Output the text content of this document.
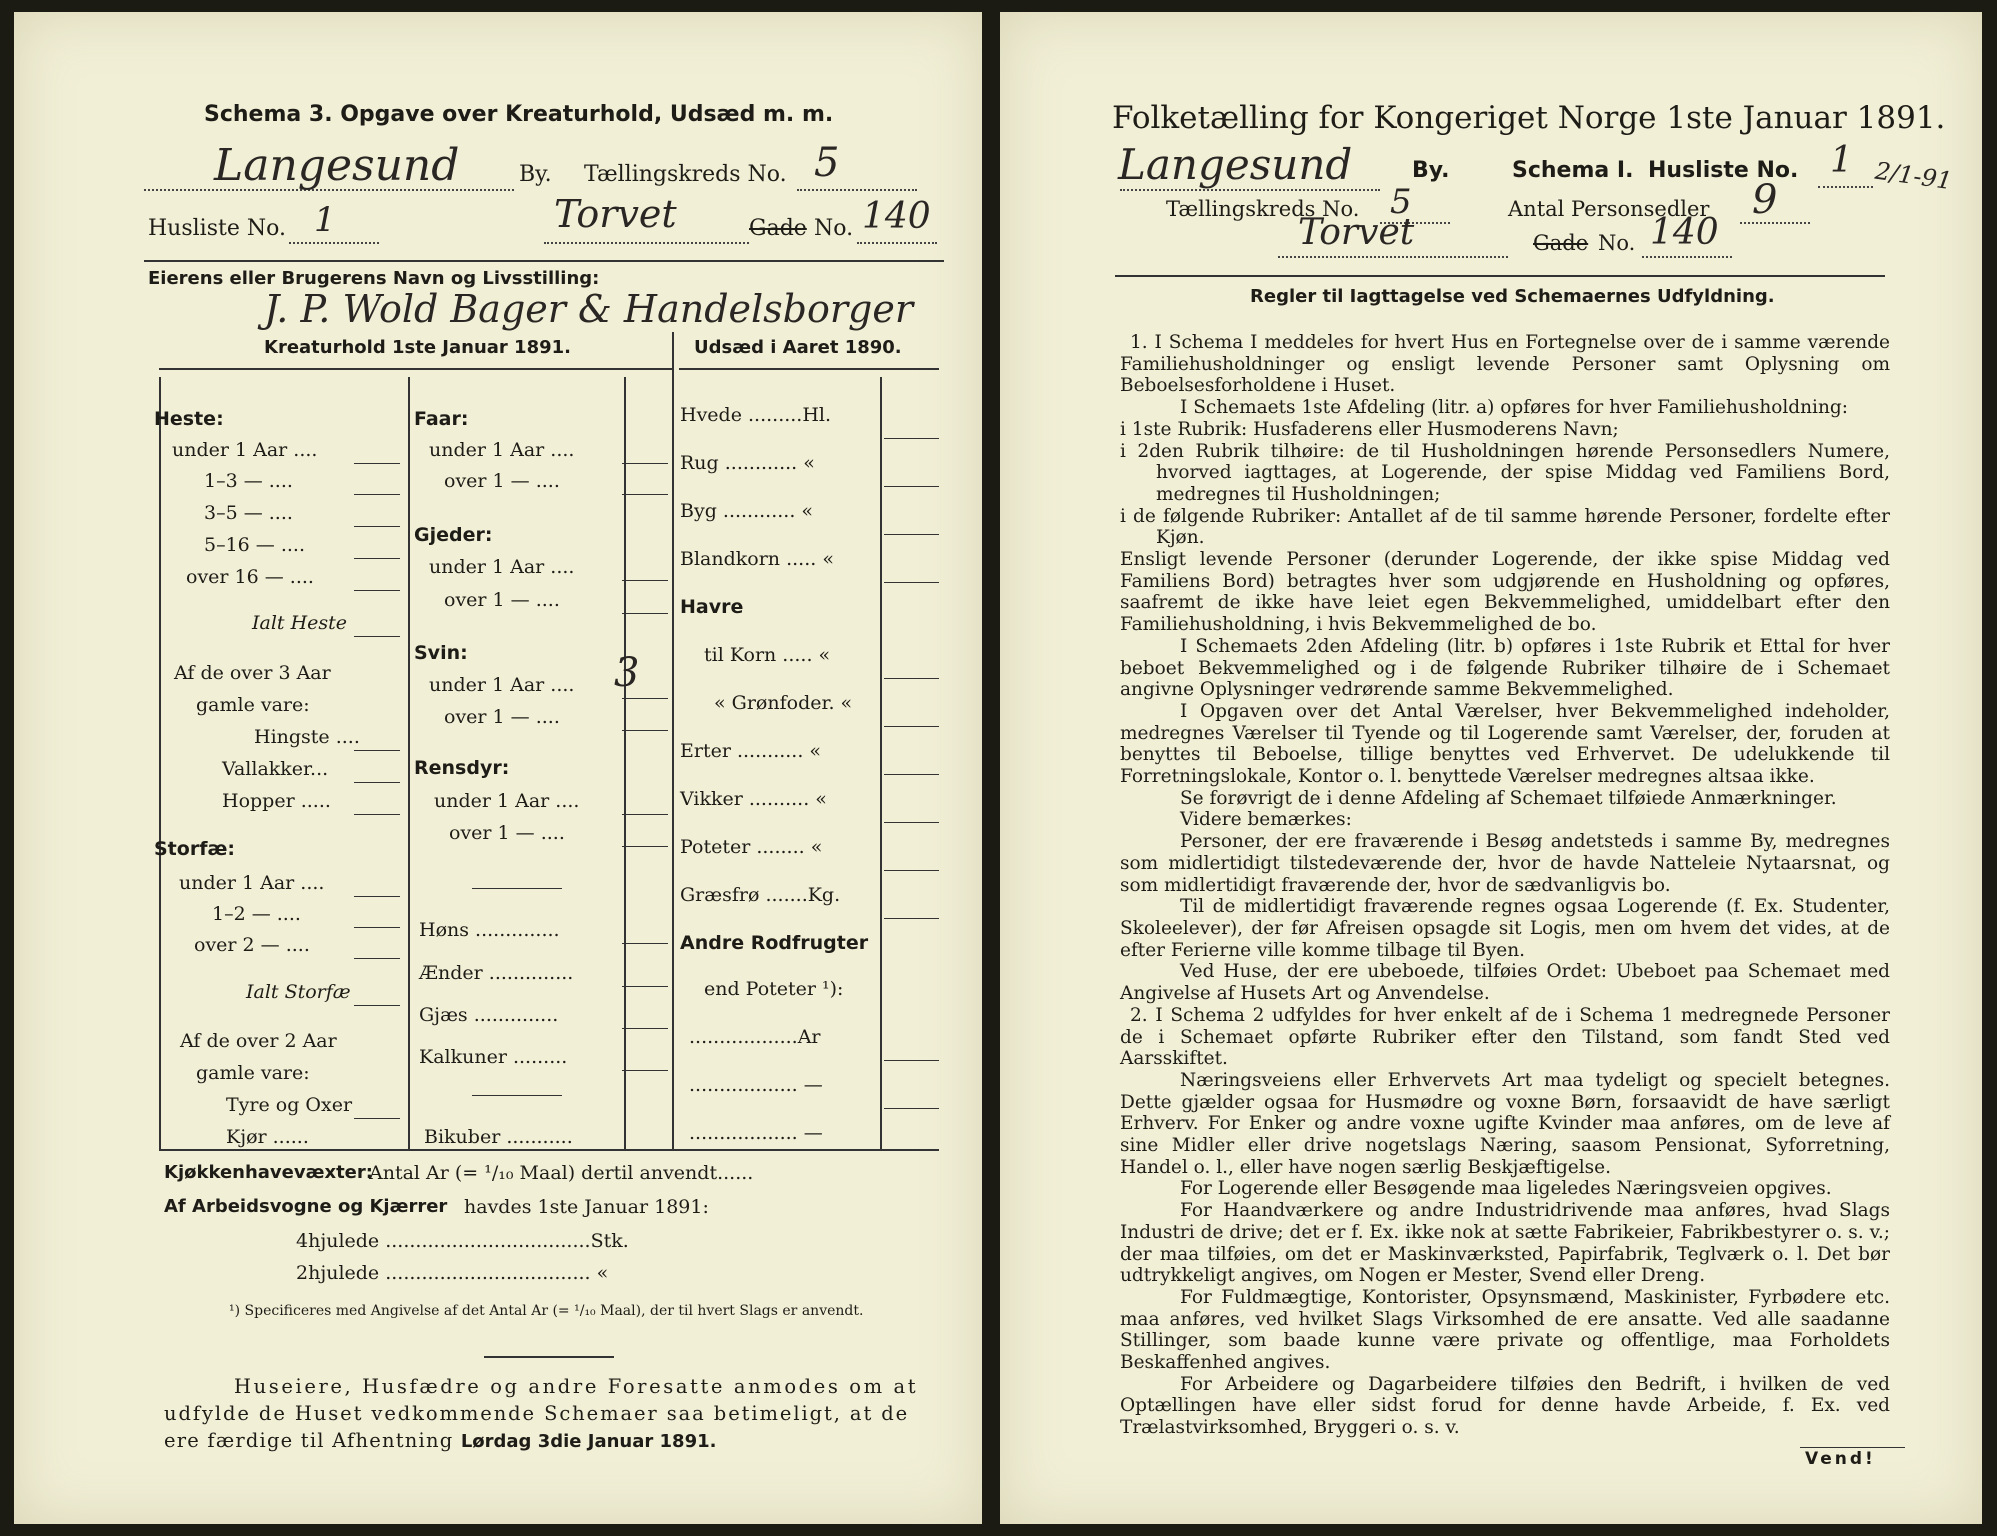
Schema 3. Opgave over Kreaturhold, Udsæd m. m.
Langesund	By. Tællingskreds No. 5
Husliste No. 1	Torvet	Gade No. 140
Eierens eller Brugerens Navn og Livsstilling:
J. P. Wold Bager & Handelsborger
Kreaturhold 1ste Januar 1891.	Udsæd i Aaret 1890.
Heste:
under 1 Aar ....
1–3 — ....
3–5 — ....
5–16 — ....
over 16 — ....
Ialt Heste
Af de over 3 Aar
gamle vare:
Hingste ....
Vallakker...
Hopper .....
Storfæ:
under 1 Aar ....
1–2 — ....
over 2 — ....
Ialt Storfæ
Af de over 2 Aar
gamle vare:
Tyre og Oxer
Kjør ......
Faar:
under 1 Aar ....
over 1 — ....
Gjeder:
under 1 Aar ....
over 1 — ....
Svin:
under 1 Aar ....
over 1 — ....
Rensdyr:
under 1 Aar ....
over 1 — ....
Høns ..............
Ænder ..............
Gjæs ..............
Kalkuner .........
Bikuber ...........
3
Hvede .........Hl.
Rug ............ «
Byg ............ «
Blandkorn ..... «
Havre
til Korn ..... «
« Grønfoder. «
Erter ........... «
Vikker .......... «
Poteter ........ «
Græsfrø .......Kg.
Andre Rodfrugter
end Poteter ¹):
..................Ar
.................. —
.................. —
Kjøkkenhavevæxter:
Antal Ar (= ¹/₁₀ Maal) dertil anvendt......
Af Arbeidsvogne og Kjærrer havdes 1ste Januar 1891:
4hjulede ..................................Stk.
2hjulede .................................. «
¹) Specificeres med Angivelse af det Antal Ar (= ¹/₁₀ Maal), der til hvert Slags er anvendt.
Huseiere, Husfædre og andre Foresatte anmodes om at
udfylde de Huset vedkommende Schemaer saa betimeligt, at de
ere færdige til Afhentning Lørdag 3die Januar 1891.
Folketælling for Kongeriget Norge 1ste Januar 1891.
Langesund	By.	Schema I. Husliste No. 1 2/1-91
Tællingskreds No. 5	Antal Personsedler 9
Torvet	Gade No. 140
Regler til Iagttagelse ved Schemaernes Udfyldning.

1. I Schema I meddeles for hvert Hus en Fortegnelse over de i samme værende Familiehusholdninger og ensligt levende Personer samt Oplysning om Beboelsesforholdene i Huset.

I Schemaets 1ste Afdeling (litr. a) opføres for hver Familiehusholdning:

i 1ste Rubrik: Husfaderens eller Husmoderens Navn;

i 2den Rubrik tilhøire: de til Husholdningen hørende Personsedlers Numere, hvorved iagttages, at Logerende, der spise Middag ved Familiens Bord, medregnes til Husholdningen;

i de følgende Rubriker: Antallet af de til samme hørende Personer, fordelte efter Kjøn.

Ensligt levende Personer (derunder Logerende, der ikke spise Middag ved Familiens Bord) betragtes hver som udgjørende en Husholdning og opføres, saafremt de ikke have leiet egen Bekvemmelighed, umiddelbart efter den Familiehusholdning, i hvis Bekvemmelighed de bo.

I Schemaets 2den Afdeling (litr. b) opføres i 1ste Rubrik et Ettal for hver beboet Bekvemmelighed og i de følgende Rubriker tilhøire de i Schemaet angivne Oplysninger vedrørende samme Bekvemmelighed.

I Opgaven over det Antal Værelser, hver Bekvemmelighed indeholder, medregnes Værelser til Tyende og til Logerende samt Værelser, der, foruden at benyttes til Beboelse, tillige benyttes ved Erhvervet. De udelukkende til Forretningslokale, Kontor o. l. benyttede Værelser medregnes altsaa ikke.

Se forøvrigt de i denne Afdeling af Schemaet tilføiede Anmærkninger.

Videre bemærkes:

Personer, der ere fraværende i Besøg andetsteds i samme By, medregnes som midlertidigt tilstedeværende der, hvor de havde Natteleie Nytaarsnat, og som midlertidigt fraværende der, hvor de sædvanligvis bo.

Til de midlertidigt fraværende regnes ogsaa Logerende (f. Ex. Studenter, Skoleelever), der før Afreisen opsagde sit Logis, men om hvem det vides, at de efter Ferierne ville komme tilbage til Byen.

Ved Huse, der ere ubeboede, tilføies Ordet: Ubeboet paa Schemaet med Angivelse af Husets Art og Anvendelse.

2. I Schema 2 udfyldes for hver enkelt af de i Schema 1 medregnede Personer de i Schemaet opførte Rubriker efter den Tilstand, som fandt Sted ved Aarsskiftet.

Næringsveiens eller Erhvervets Art maa tydeligt og specielt betegnes. Dette gjælder ogsaa for Husmødre og voxne Børn, forsaavidt de have særligt Erhverv. For Enker og andre voxne ugifte Kvinder maa anføres, om de leve af sine Midler eller drive nogetslags Næring, saasom Pensionat, Syforretning, Handel o. l., eller have nogen særlig Beskjæftigelse.

For Logerende eller Besøgende maa ligeledes Næringsveien opgives.

For Haandværkere og andre Industridrivende maa anføres, hvad Slags Industri de drive; det er f. Ex. ikke nok at sætte Fabrikeier, Fabrikbestyrer o. s. v.; der maa tilføies, om det er Maskinværksted, Papirfabrik, Teglværk o. l. Det bør udtrykkeligt angives, om Nogen er Mester, Svend eller Dreng.

For Fuldmægtige, Kontorister, Opsynsmænd, Maskinister, Fyrbødere etc. maa anføres, ved hvilket Slags Virksomhed de ere ansatte. Ved alle saadanne Stillinger, som baade kunne være private og offentlige, maa Forholdets Beskaffenhed angives.

For Arbeidere og Dagarbeidere tilføies den Bedrift, i hvilken de ved Optællingen have eller sidst forud for denne havde Arbeide, f. Ex. ved Trælastvirksomhed, Bryggeri o. s. v.

Vend!
